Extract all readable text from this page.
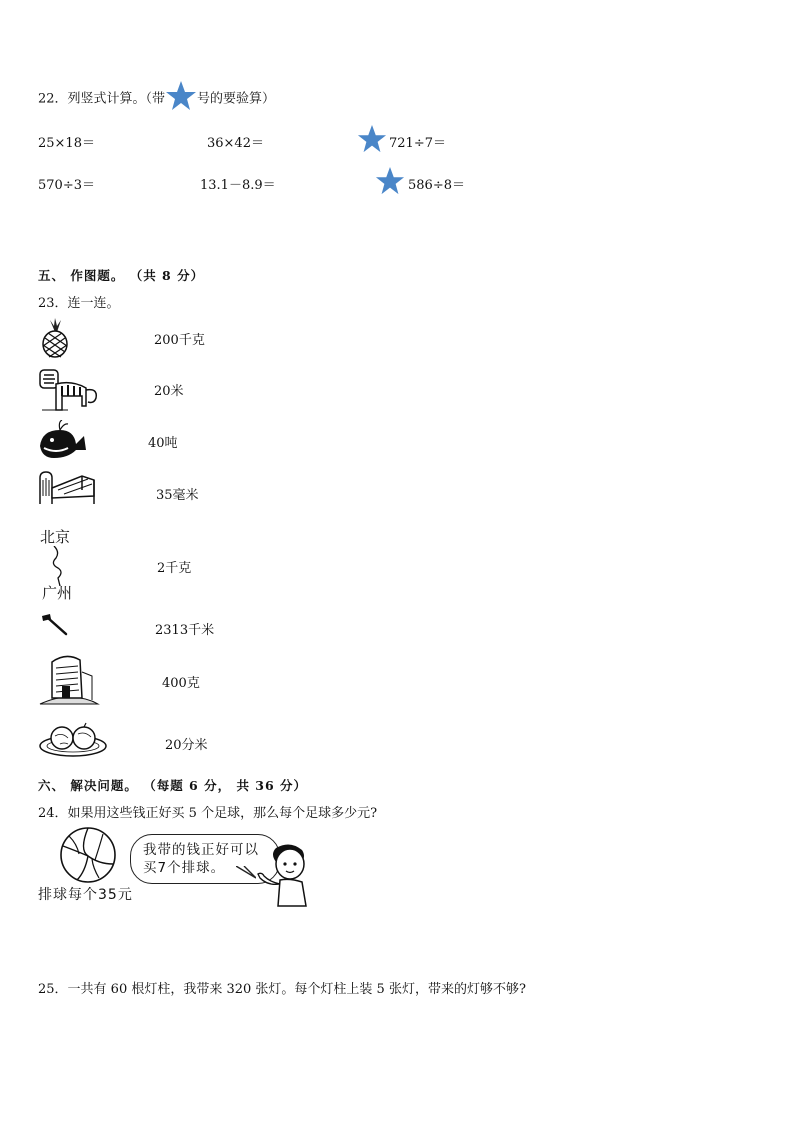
22．列竖式计算。（带 号的要验算）
25×18＝	36×42＝	721÷7＝
570÷3＝	13.1－8.9＝	586÷8＝
五、 作图题。 （共 8 分）
23．连一连。
200千克
20米
40吨
35毫米
北京
广州
2千克
2313千米
400克
20分米
六、 解决问题。 （每题 6 分， 共 36 分）
24．如果用这些钱正好买 5 个足球，那么每个足球多少元?
排球每个35元
我带的钱正好可以买7个排球。
25．一共有 60 根灯柱，我带来 320 张灯。每个灯柱上装 5 张灯，带来的灯够不够?
